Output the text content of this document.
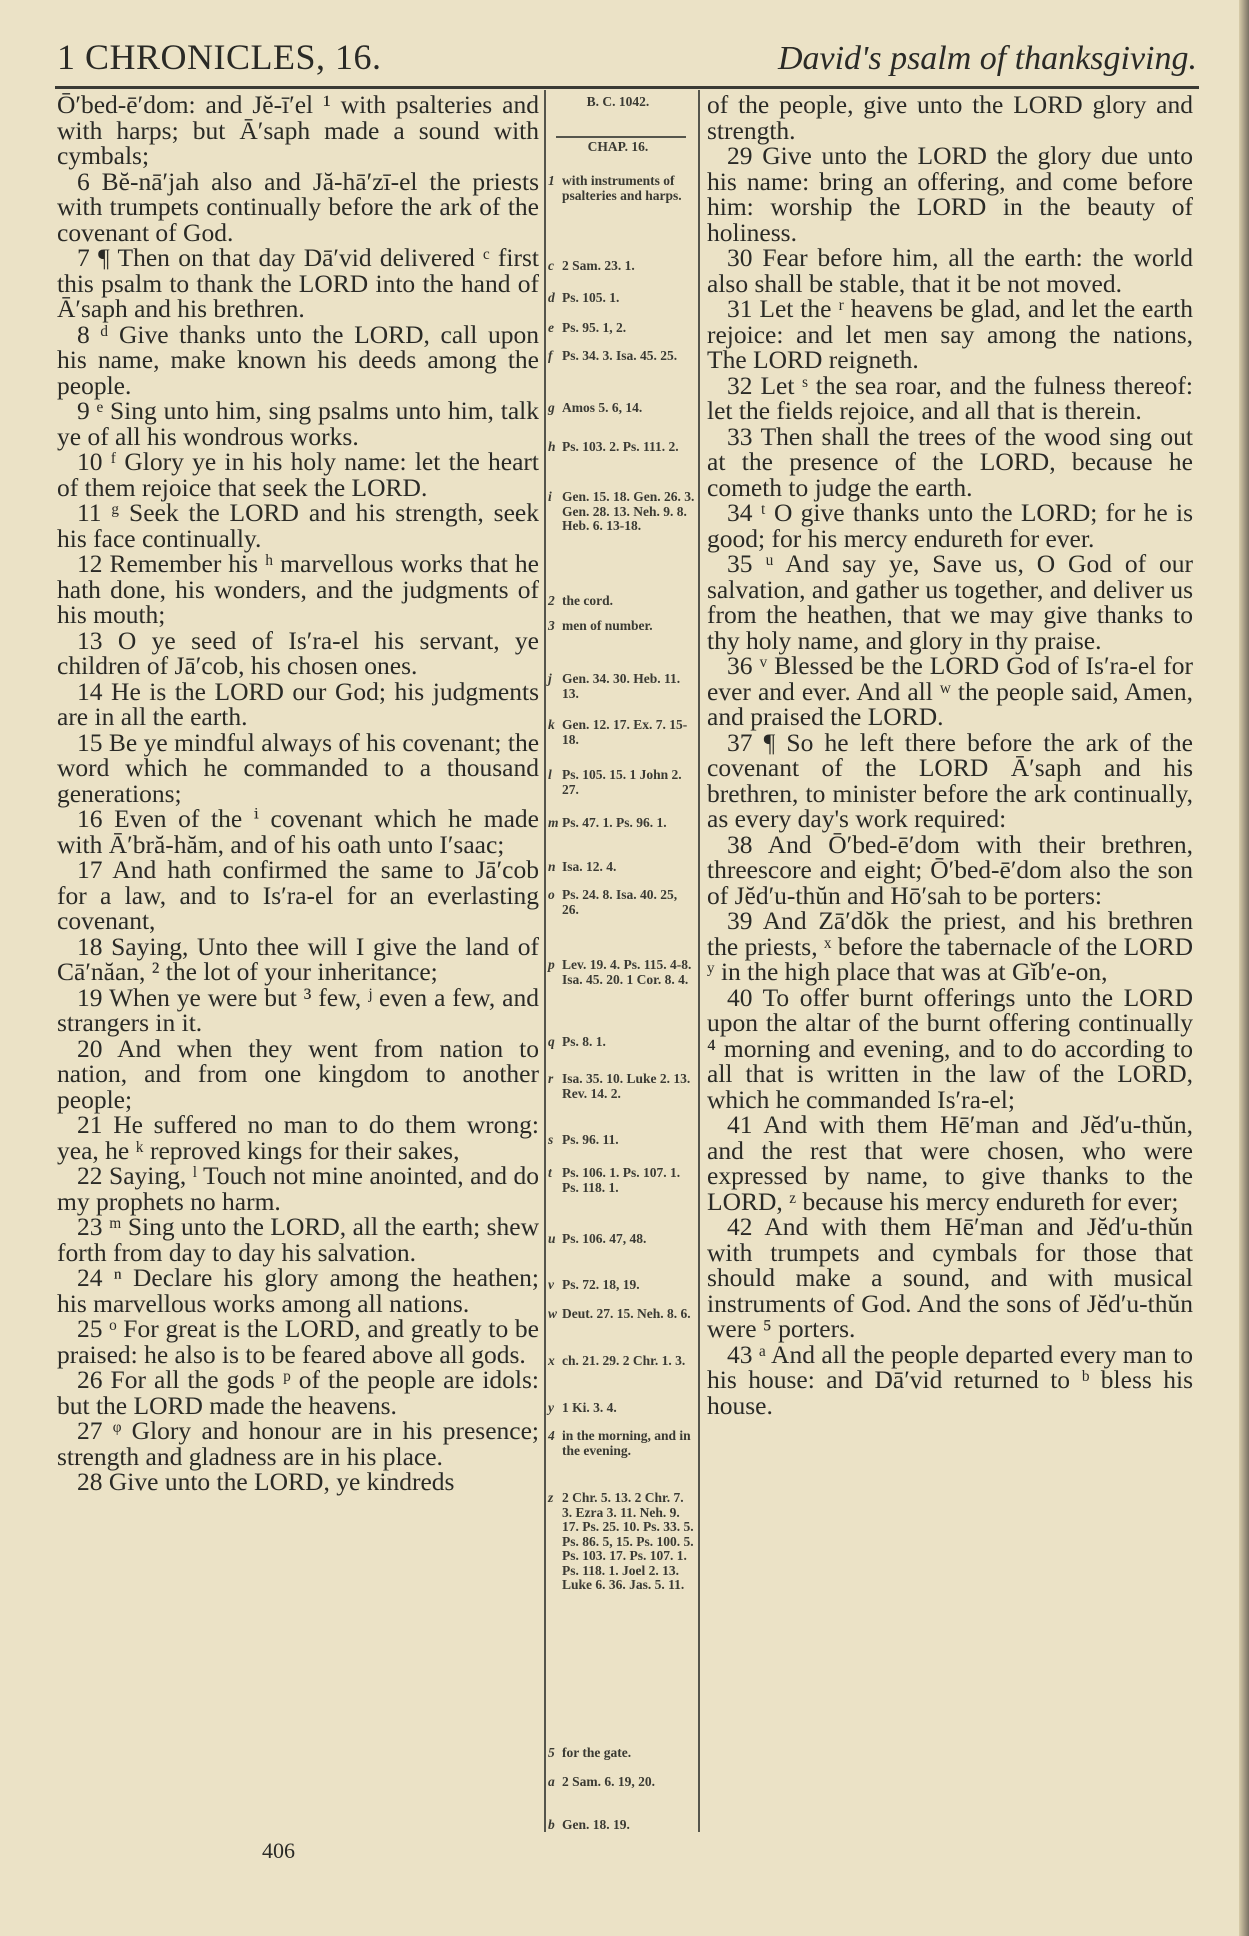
1 CHRONICLES, 16.	David's psalm of thanksgiving.

Ō′bed-ē′dom: and Jĕ-ī′el ¹ with psalteries and with harps; but Ā′saph made a sound with cymbals;

6 Bĕ-nā′jah also and Jă-hā′zī-el the priests with trumpets continually before the ark of the covenant of God.

7 ¶ Then on that day Dā′vid delivered ᶜ first this psalm to thank the LORD into the hand of Ā′saph and his brethren.

8 ᵈ Give thanks unto the LORD, call upon his name, make known his deeds among the people.

9 ᵉ Sing unto him, sing psalms unto him, talk ye of all his wondrous works.

10 ᶠ Glory ye in his holy name: let the heart of them rejoice that seek the LORD.

11 ᵍ Seek the LORD and his strength, seek his face continually.

12 Remember his ʰ marvellous works that he hath done, his wonders, and the judgments of his mouth;

13 O ye seed of Is′ra-el his servant, ye children of Jā′cob, his chosen ones.

14 He is the LORD our God; his judgments are in all the earth.

15 Be ye mindful always of his covenant; the word which he commanded to a thousand generations;

16 Even of the ⁱ covenant which he made with Ā′bră-hăm, and of his oath unto I′saac;

17 And hath confirmed the same to Jā′cob for a law, and to Is′ra-el for an everlasting covenant,

18 Saying, Unto thee will I give the land of Cā′năan, ² the lot of your inheritance;

19 When ye were but ³ few, ʲ even a few, and strangers in it.

20 And when they went from nation to nation, and from one kingdom to another people;

21 He suffered no man to do them wrong: yea, he ᵏ reproved kings for their sakes,

22 Saying, ˡ Touch not mine anointed, and do my prophets no harm.

23 ᵐ Sing unto the LORD, all the earth; shew forth from day to day his salvation.

24 ⁿ Declare his glory among the heathen; his marvellous works among all nations.

25 ᵒ For great is the LORD, and greatly to be praised: he also is to be feared above all gods.

26 For all the gods ᵖ of the people are idols: but the LORD made the heavens.

27 ᵠ Glory and honour are in his presence; strength and gladness are in his place.

28 Give unto the LORD, ye kindreds

of the people, give unto the LORD glory and strength.

29 Give unto the LORD the glory due unto his name: bring an offering, and come before him: worship the LORD in the beauty of holiness.

30 Fear before him, all the earth: the world also shall be stable, that it be not moved.

31 Let the ʳ heavens be glad, and let the earth rejoice: and let men say among the nations, The LORD reigneth.

32 Let ˢ the sea roar, and the fulness thereof: let the fields rejoice, and all that is therein.

33 Then shall the trees of the wood sing out at the presence of the LORD, because he cometh to judge the earth.

34 ᵗ O give thanks unto the LORD; for he is good; for his mercy endureth for ever.

35 ᵘ And say ye, Save us, O God of our salvation, and gather us together, and deliver us from the heathen, that we may give thanks to thy holy name, and glory in thy praise.

36 ᵛ Blessed be the LORD God of Is′ra-el for ever and ever. And all ʷ the people said, Amen, and praised the LORD.

37 ¶ So he left there before the ark of the covenant of the LORD Ā′saph and his brethren, to minister before the ark continually, as every day's work required:

38 And Ō′bed-ē′dom with their brethren, threescore and eight; Ō′bed-ē′dom also the son of Jĕd′u-thŭn and Hō′sah to be porters:

39 And Zā′dŏk the priest, and his brethren the priests, ˣ before the tabernacle of the LORD ʸ in the high place that was at Gĭb′e-on,

40 To offer burnt offerings unto the LORD upon the altar of the burnt offering continually ⁴ morning and evening, and to do according to all that is written in the law of the LORD, which he commanded Is′ra-el;

41 And with them Hē′man and Jĕd′u-thŭn, and the rest that were chosen, who were expressed by name, to give thanks to the LORD, ᶻ because his mercy endureth for ever;

42 And with them Hē′man and Jĕd′u-thŭn with trumpets and cymbals for those that should make a sound, and with musical instruments of God. And the sons of Jĕd′u-thŭn were ⁵ porters.

43 ᵃ And all the people departed every man to his house: and Dā′vid returned to ᵇ bless his house.

B. C. 1042.
CHAP. 16.
1 with instruments of psalteries and harps.
c 2 Sam. 23. 1.
d Ps. 105. 1.
e Ps. 95. 1, 2.
f Ps. 34. 3. Isa. 45. 25.
g Amos 5. 6, 14.
h Ps. 103. 2. Ps. 111. 2.
i Gen. 15. 18. Gen. 26. 3. Gen. 28. 13. Neh. 9. 8. Heb. 6. 13-18.
2 the cord.
3 men of number.
j Gen. 34. 30. Heb. 11. 13.
k Gen. 12. 17. Ex. 7. 15-18.
l Ps. 105. 15. 1 John 2. 27.
m Ps. 47. 1. Ps. 96. 1.
n Isa. 12. 4.
o Ps. 24. 8. Isa. 40. 25, 26.
p Lev. 19. 4. Ps. 115. 4-8. Isa. 45. 20. 1 Cor. 8. 4.
q Ps. 8. 1.
r Isa. 35. 10. Luke 2. 13. Rev. 14. 2.
s Ps. 96. 11.
t Ps. 106. 1. Ps. 107. 1. Ps. 118. 1.
u Ps. 106. 47, 48.
v Ps. 72. 18, 19.
w Deut. 27. 15. Neh. 8. 6.
x ch. 21. 29. 2 Chr. 1. 3.
y 1 Ki. 3. 4.
4 in the morning, and in the evening.
z 2 Chr. 5. 13. 2 Chr. 7. 3. Ezra 3. 11. Neh. 9. 17. Ps. 25. 10. Ps. 33. 5. Ps. 86. 5, 15. Ps. 100. 5. Ps. 103. 17. Ps. 107. 1. Ps. 118. 1. Joel 2. 13. Luke 6. 36. Jas. 5. 11.
5 for the gate.
a 2 Sam. 6. 19, 20.
b Gen. 18. 19.
406
